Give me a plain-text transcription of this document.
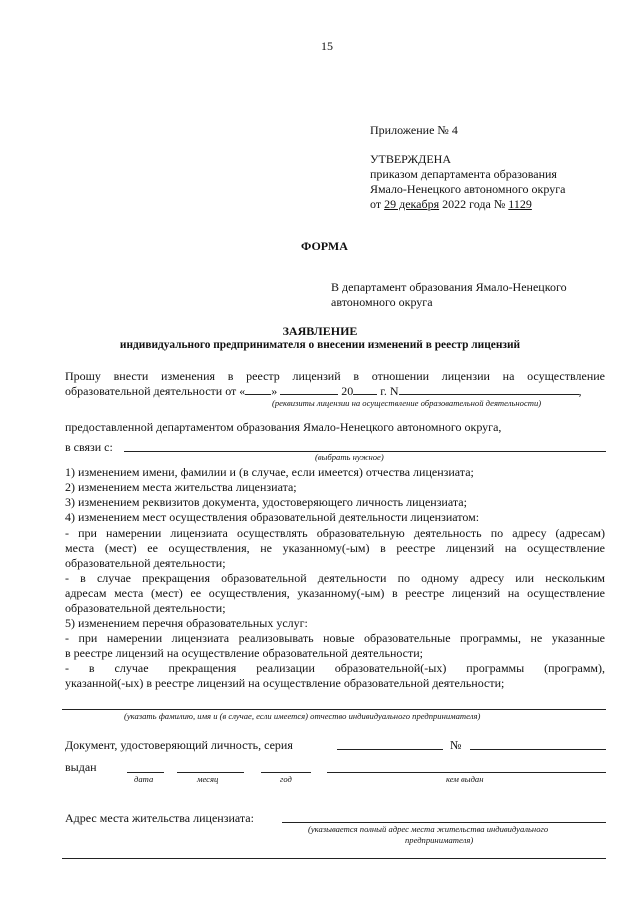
15
Приложение № 4
УТВЕРЖДЕНА
приказом департамента образования
Ямало-Ненецкого автономного округа
от 29 декабря 2022 года № 1129
ФОРМА
В департамент образования Ямало-Ненецкого
автономного округа
ЗАЯВЛЕНИЕ
индивидуального предпринимателя о внесении изменений в реестр лицензий
Прошу внести изменения в реестр лицензий в отношении лицензии на осуществление
образовательной деятельности от « »	20 г. N	,
(реквизиты лицензии на осуществление образовательной деятельности)
предоставленной департаментом образования Ямало-Ненецкого автономного округа,
в связи с:
(выбрать нужное)
1) изменением имени, фамилии и (в случае, если имеется) отчества лицензиата;
2) изменением места жительства лицензиата;
3) изменением реквизитов документа, удостоверяющего личность лицензиата;
4) изменением мест осуществления образовательной деятельности лицензиатом:
- при намерении лицензиата осуществлять образовательную деятельность по адресу (адресам)
места (мест) ее осуществления, не указанному(-ым) в реестре лицензий на осуществление
образовательной деятельности;
- в случае прекращения образовательной деятельности по одному адресу или нескольким
адресам места (мест) ее осуществления, указанному(-ым) в реестре лицензий на осуществление
образовательной деятельности;
5) изменением перечня образовательных услуг:
- при намерении лицензиата реализовывать новые образовательные программы, не указанные
в реестре лицензий на осуществление образовательной деятельности;
- в случае прекращения реализации образовательной(-ых) программы (программ),
указанной(-ых) в реестре лицензий на осуществление образовательной деятельности;
(указать фамилию, имя и (в случае, если имеется) отчество индивидуального предпринимателя)
Документ, удостоверяющий личность, серия	№
выдан
дата	месяц	год	кем выдан
Адрес места жительства лицензиата:
(указывается полный адрес места жительства индивидуального
предпринимателя)
